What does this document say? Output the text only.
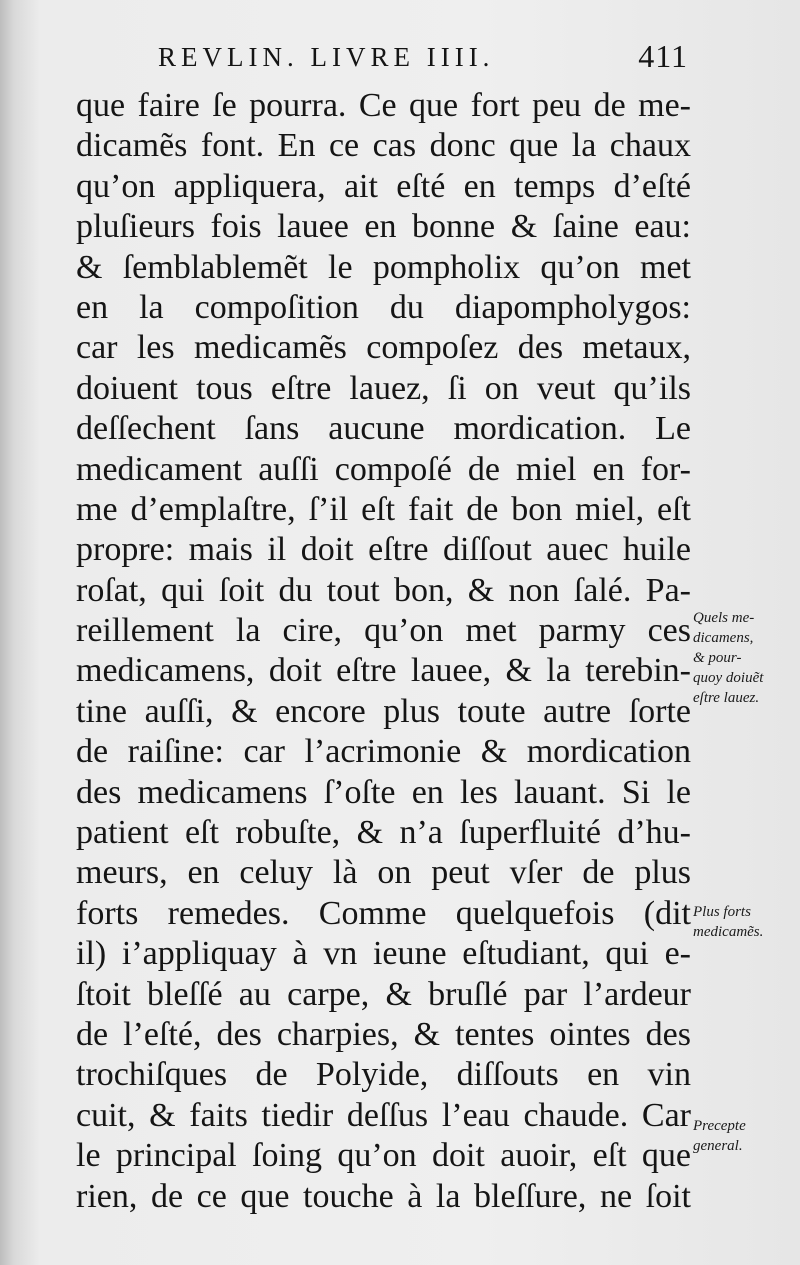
REVLIN. LIVRE IIII.	411
que faire ſe pourra. Ce que fort peu de me-
dicamẽs font. En ce cas donc que la chaux
qu’on appliquera, ait eſté en temps d’eſté
pluſieurs fois lauee en bonne & ſaine eau:
& ſemblablemẽt le pompholix qu’on met
en la compoſition du diapompholygos:
car les medicamẽs compoſez des metaux,
doiuent tous eſtre lauez, ſi on veut qu’ils
deſſechent ſans aucune mordication. Le
medicament auſſi compoſé de miel en for-
me d’emplaſtre, ſ’il eſt fait de bon miel, eſt
propre: mais il doit eſtre diſſout auec huile
roſat, qui ſoit du tout bon, & non ſalé. Pa-
reillement la cire, qu’on met parmy ces
medicamens, doit eſtre lauee, & la terebin-
tine auſſi, & encore plus toute autre ſorte
de raiſine: car l’acrimonie & mordication
des medicamens ſ’oſte en les lauant. Si le
patient eſt robuſte, & n’a ſuperfluité d’hu-
meurs, en celuy là on peut vſer de plus
forts remedes. Comme quelquefois (dit
il) i’appliquay à vn ieune eſtudiant, qui e-
ſtoit bleſſé au carpe, & bruſlé par l’ardeur
de l’eſté, des charpies, & tentes ointes des
trochiſques de Polyide, diſſouts en vin
cuit, & faits tiedir deſſus l’eau chaude. Car
le principal ſoing qu’on doit auoir, eſt que
rien, de ce que touche à la bleſſure, ne ſoit
Quels me-
dicamens,
& pour-
quoy doiuẽt
eſtre lauez.
Plus forts
medicamẽs.
Precepte
general.
